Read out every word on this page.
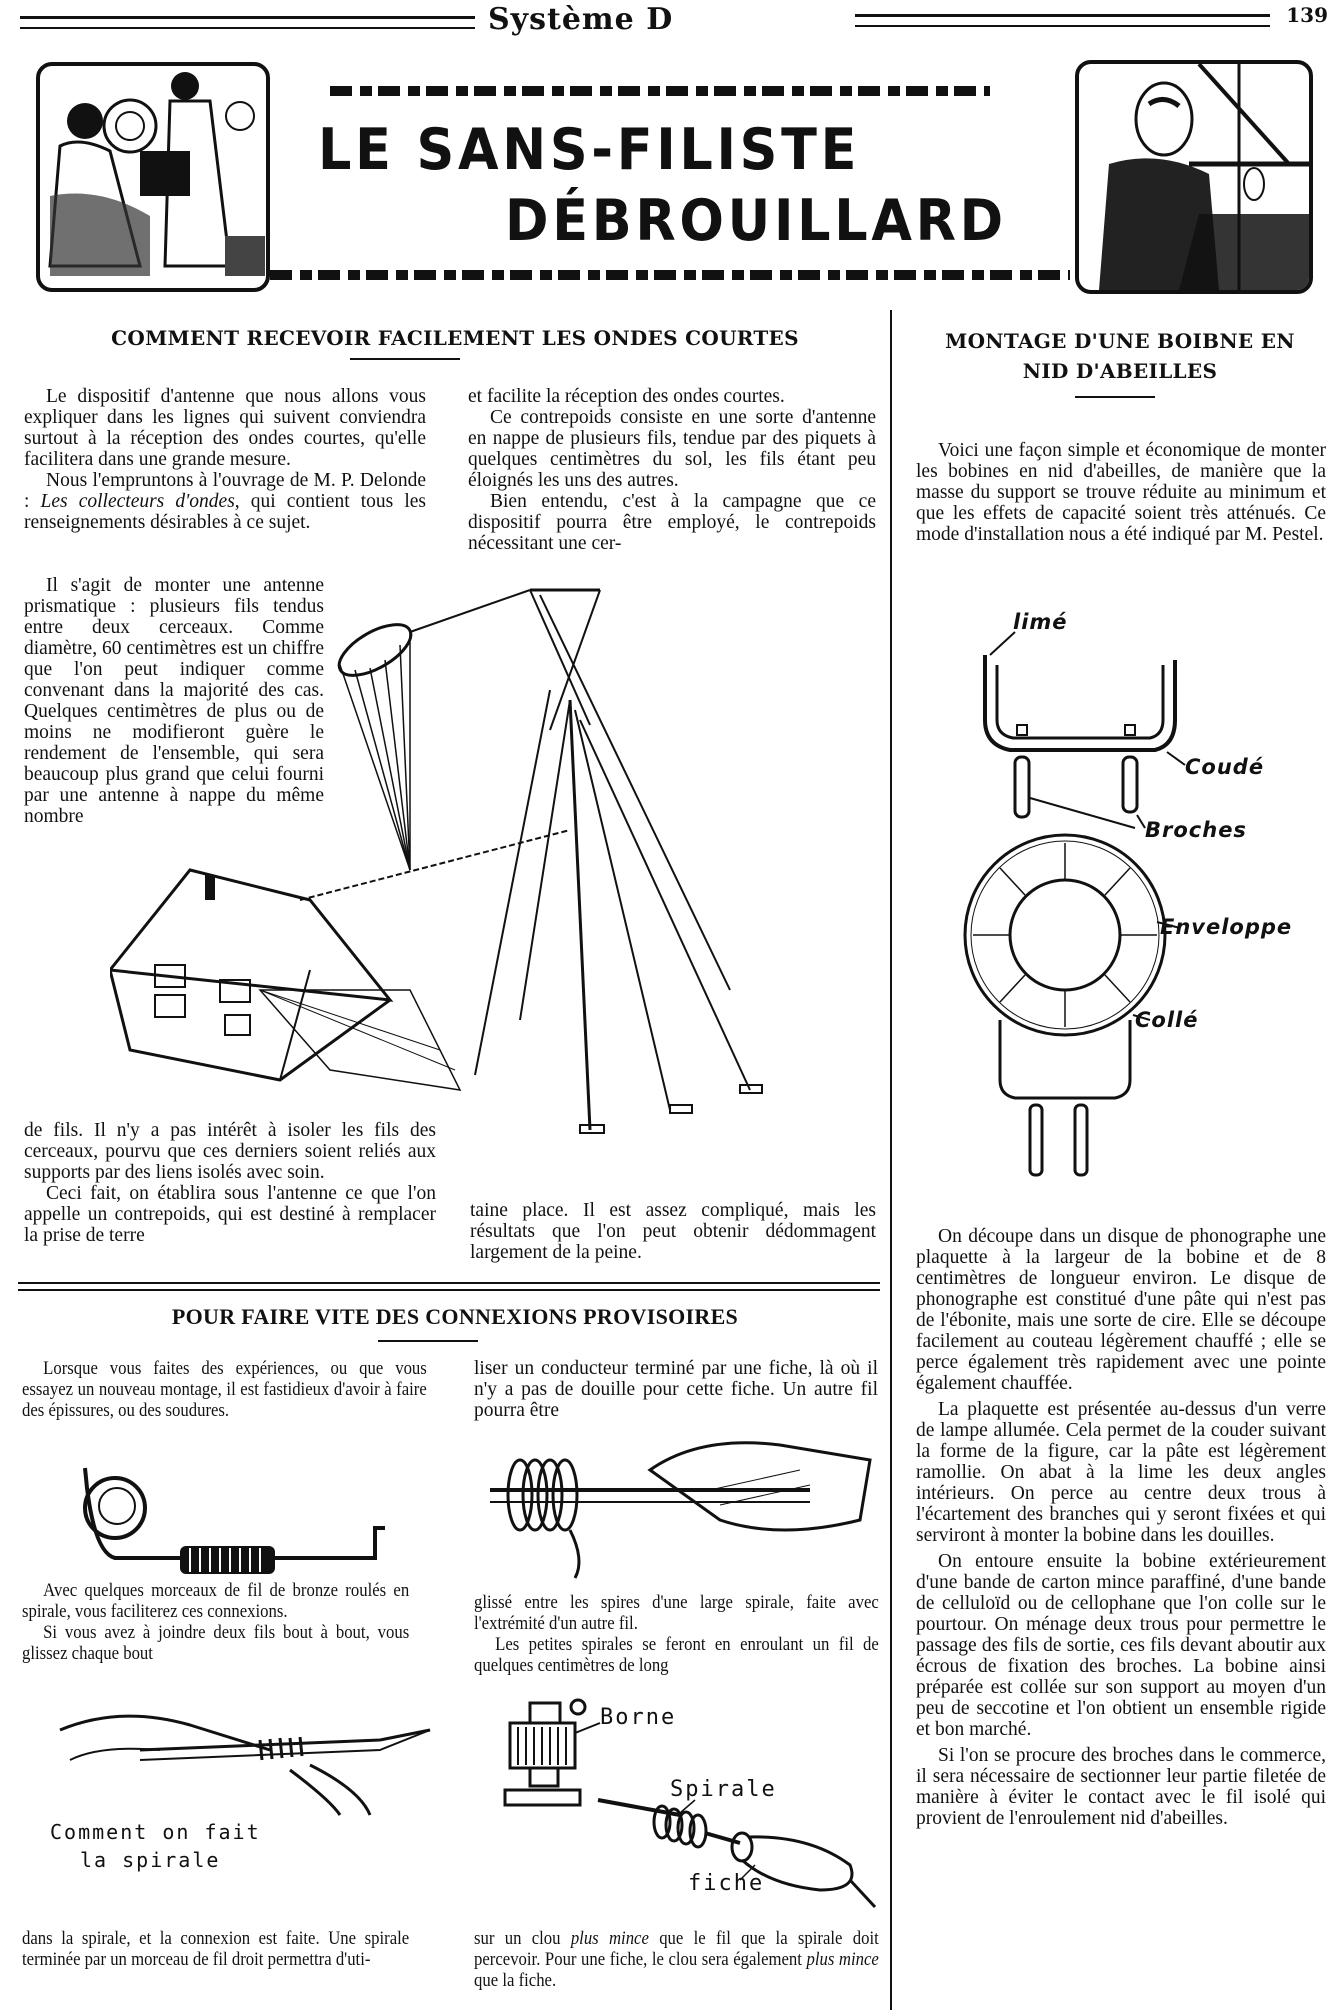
Système D	139
LE SANS-FILISTE
DÉBROUILLARD
COMMENT RECEVOIR FACILEMENT LES ONDES COURTES

Le dispositif d'antenne que nous allons vous expliquer dans les lignes qui suivent conviendra surtout à la réception des ondes courtes, qu'elle facilitera dans une grande mesure.

Nous l'empruntons à l'ouvrage de M. P. Delonde : Les collecteurs d'ondes, qui contient tous les renseignements désirables à ce sujet.

Il s'agit de monter une antenne prismatique : plusieurs fils tendus entre deux cerceaux. Comme diamètre, 60 centimètres est un chiffre que l'on peut indiquer comme convenant dans la majorité des cas. Quelques centimètres de plus ou de moins ne modifieront guère le rendement de l'ensemble, qui sera beaucoup plus grand que celui fourni par une antenne à nappe du même nombre

et facilite la réception des ondes courtes.

Ce contrepoids consiste en une sorte d'antenne en nappe de plusieurs fils, tendue par des piquets à quelques centimètres du sol, les fils étant peu éloignés les uns des autres.

Bien entendu, c'est à la campagne que ce dispositif pourra être employé, le contrepoids nécessitant une cer-

de fils. Il n'y a pas intérêt à isoler les fils des cerceaux, pourvu que ces derniers soient reliés aux supports par des liens isolés avec soin.

Ceci fait, on établira sous l'antenne ce que l'on appelle un contrepoids, qui est destiné à remplacer la prise de terre

taine place. Il est assez compliqué, mais les résultats que l'on peut obtenir dédommagent largement de la peine.

MONTAGE D'UNE BOIBNE EN NID D'ABEILLES

Voici une façon simple et économique de monter les bobines en nid d'abeilles, de manière que la masse du support se trouve réduite au minimum et que les effets de capacité soient très atténués. Ce mode d'installation nous a été indiqué par M. Pestel.

limé
Coudé
Broches
Enveloppe
Collé

On découpe dans un disque de phonographe une plaquette à la largeur de la bobine et de 8 centimètres de longueur environ. Le disque de phonographe est constitué d'une pâte qui n'est pas de l'ébonite, mais une sorte de cire. Elle se découpe facilement au couteau légèrement chauffé ; elle se perce également très rapidement avec une pointe également chauffée.

La plaquette est présentée au-dessus d'un verre de lampe allumée. Cela permet de la couder suivant la forme de la figure, car la pâte est légèrement ramollie. On abat à la lime les deux angles intérieurs. On perce au centre deux trous à l'écartement des branches qui y seront fixées et qui serviront à monter la bobine dans les douilles.

On entoure ensuite la bobine extérieurement d'une bande de carton mince paraffiné, d'une bande de celluloïd ou de cellophane que l'on colle sur le pourtour. On ménage deux trous pour permettre le passage des fils de sortie, ces fils devant aboutir aux écrous de fixation des broches. La bobine ainsi préparée est collée sur son support au moyen d'un peu de seccotine et l'on obtient un ensemble rigide et bon marché.

Si l'on se procure des broches dans le commerce, il sera nécessaire de sectionner leur partie filetée de manière à éviter le contact avec le fil isolé qui provient de l'enroulement nid d'abeilles.

POUR FAIRE VITE DES CONNEXIONS PROVISOIRES

Lorsque vous faites des expériences, ou que vous essayez un nouveau montage, il est fastidieux d'avoir à faire des épissures, ou des soudures.

Avec quelques morceaux de fil de bronze roulés en spirale, vous faciliterez ces connexions.

Si vous avez à joindre deux fils bout à bout, vous glissez chaque bout

Comment on fait
la spirale

dans la spirale, et la connexion est faite. Une spirale terminée par un morceau de fil droit permettra d'uti-

liser un conducteur terminé par une fiche, là où il n'y a pas de douille pour cette fiche. Un autre fil pourra être

glissé entre les spires d'une large spirale, faite avec l'extrémité d'un autre fil.

Les petites spirales se feront en enroulant un fil de quelques centimètres de long

Borne
Spirale
fiche

sur un clou plus mince que le fil que la spirale doit percevoir. Pour une fiche, le clou sera également plus mince que la fiche.
